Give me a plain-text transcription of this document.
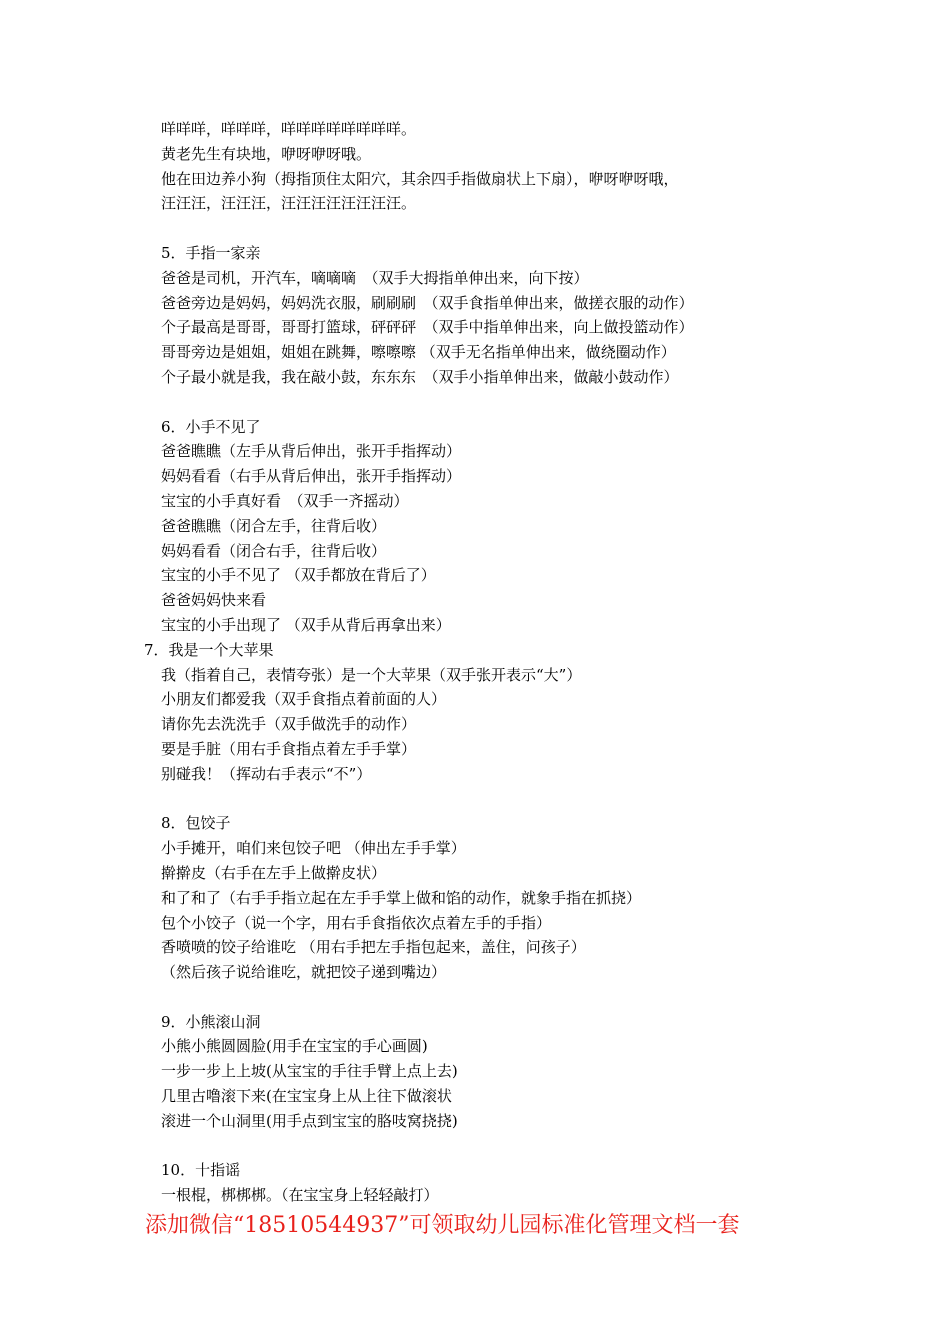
咩咩咩，咩咩咩，咩咩咩咩咩咩咩咩。
黄老先生有块地，咿呀咿呀哦。
他在田边养小狗（拇指顶住太阳穴，其余四手指做扇状上下扇），咿呀咿呀哦，
汪汪汪，汪汪汪，汪汪汪汪汪汪汪汪。
5．手指一家亲
爸爸是司机，开汽车，嘀嘀嘀　（双手大拇指单伸出来，向下按）
爸爸旁边是妈妈，妈妈洗衣服，刷刷刷　（双手食指单伸出来，做搓衣服的动作）
个子最高是哥哥，哥哥打篮球，砰砰砰　（双手中指单伸出来，向上做投篮动作）
哥哥旁边是姐姐，姐姐在跳舞，嚓嚓嚓 （双手无名指单伸出来，做绕圈动作）
个子最小就是我，我在敲小鼓，东东东　（双手小指单伸出来，做敲小鼓动作）
6．小手不见了
爸爸瞧瞧（左手从背后伸出，张开手指挥动）
妈妈看看（右手从背后伸出，张开手指挥动）
宝宝的小手真好看　（双手一齐摇动）
爸爸瞧瞧（闭合左手，往背后收）
妈妈看看（闭合右手，往背后收）
宝宝的小手不见了 （双手都放在背后了）
爸爸妈妈快来看
宝宝的小手出现了 （双手从背后再拿出来）
7．我是一个大苹果
我（指着自己，表情夸张）是一个大苹果（双手张开表示“大”）
小朋友们都爱我（双手食指点着前面的人）
请你先去洗洗手（双手做洗手的动作）
要是手脏（用右手食指点着左手手掌）
别碰我！（挥动右手表示“不”）
8．包饺子
小手摊开，咱们来包饺子吧 （伸出左手手掌）
擀擀皮（右手在左手上做擀皮状）
和了和了（右手手指立起在左手手掌上做和馅的动作，就象手指在抓挠）
包个小饺子（说一个字，用右手食指依次点着左手的手指）
香喷喷的饺子给谁吃 （用右手把左手指包起来，盖住，问孩子）
（然后孩子说给谁吃，就把饺子递到嘴边）
9．小熊滚山洞
小熊小熊圆圆脸(用手在宝宝的手心画圆)
一步一步上上坡(从宝宝的手往手臂上点上去)
几里古噜滚下来(在宝宝身上从上往下做滚状
滚进一个山洞里(用手点到宝宝的胳吱窝挠挠)
10．十指谣
一根棍，梆梆梆。（在宝宝身上轻轻敲打）
添加微信“18510544937”可领取幼儿园标准化管理文档一套
